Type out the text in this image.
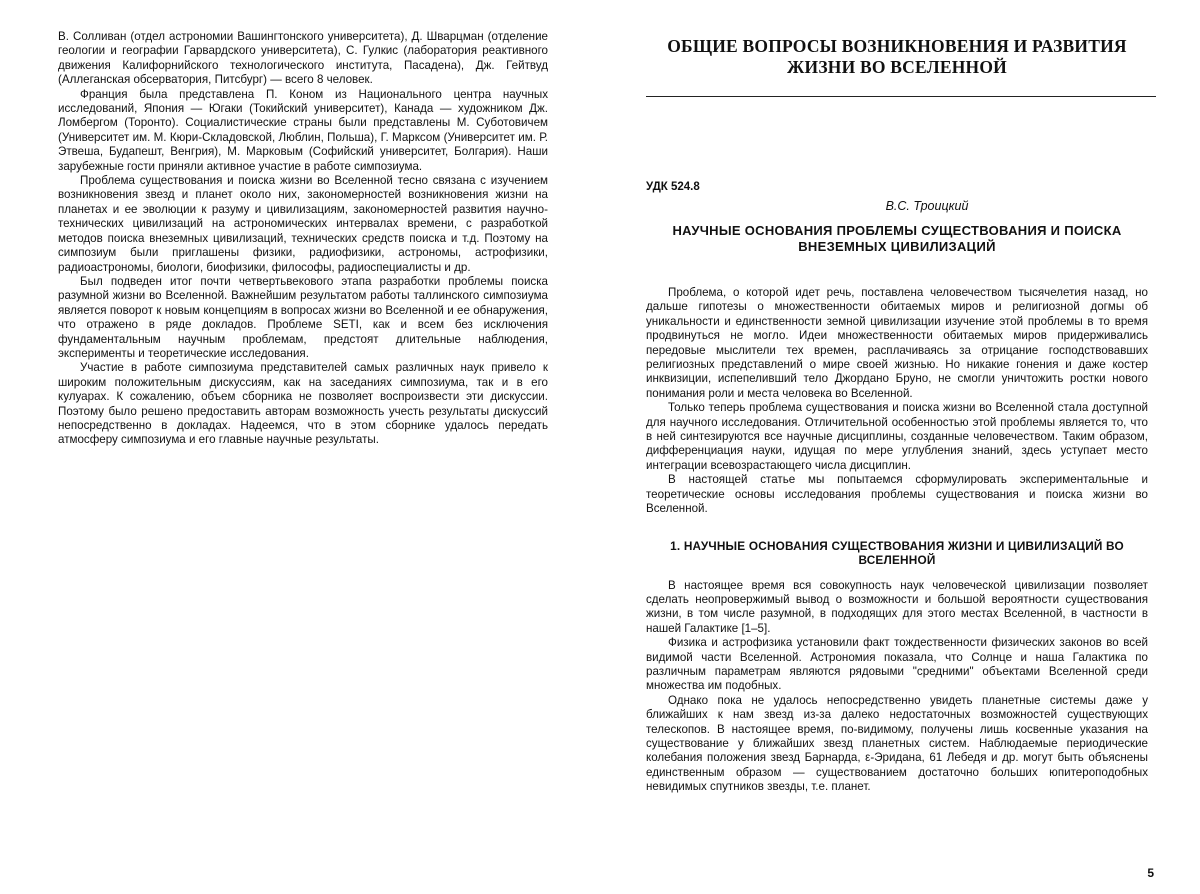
В. Солливан (отдел астрономии Вашингтонского университета), Д. Шварцман (отделение геологии и географии Гарвардского университета), С. Гулкис (лаборатория реактивного движения Калифорнийского технологического института, Пасадена), Дж. Гейтвуд (Аллеганская обсерватория, Питсбург) — всего 8 человек.

Франция была представлена П. Коном из Национального центра научных исследований, Япония — Югаки (Токийский университет), Канада — художником Дж. Ломбергом (Торонто). Социалистические страны были представлены М. Суботовичем (Университет им. М. Кюри-Складовской, Люблин, Польша), Г. Марксом (Университет им. Р. Этвеша, Будапешт, Венгрия), М. Марковым (Софийский университет, Болгария). Наши зарубежные гости приняли активное участие в работе симпозиума.

Проблема существования и поиска жизни во Вселенной тесно связана с изучением возникновения звезд и планет около них, закономерностей возникновения жизни на планетах и ее эволюции к разуму и цивилизациям, закономерностей развития научно-технических цивилизаций на астрономических интервалах времени, с разработкой методов поиска внеземных цивилизаций, технических средств поиска и т.д. Поэтому на симпозиум были приглашены физики, радиофизики, астрономы, астрофизики, радиоастрономы, биологи, биофизики, философы, радиоспециалисты и др.

Был подведен итог почти четвертьвекового этапа разработки проблемы поиска разумной жизни во Вселенной. Важнейшим результатом работы таллинского симпозиума является поворот к новым концепциям в вопросах жизни во Вселенной и ее обнаружения, что отражено в ряде докладов. Проблеме SETI, как и всем без исключения фундаментальным научным проблемам, предстоят длительные наблюдения, эксперименты и теоретические исследования.

Участие в работе симпозиума представителей самых различных наук привело к широким положительным дискуссиям, как на заседаниях симпозиума, так и в его кулуарах. К сожалению, объем сборника не позволяет воспроизвести эти дискуссии. Поэтому было решено предоставить авторам возможность учесть результаты дискуссий непосредственно в докладах. Надеемся, что в этом сборнике удалось передать атмосферу симпозиума и его главные научные результаты.

ОБЩИЕ ВОПРОСЫ ВОЗНИКНОВЕНИЯ И РАЗВИТИЯ ЖИЗНИ ВО ВСЕЛЕННОЙ
УДК 524.8
В.С. Троицкий
НАУЧНЫЕ ОСНОВАНИЯ ПРОБЛЕМЫ СУЩЕСТВОВАНИЯ И ПОИСКА ВНЕЗЕМНЫХ ЦИВИЛИЗАЦИЙ

Проблема, о которой идет речь, поставлена человечеством тысячелетия назад, но дальше гипотезы о множественности обитаемых миров и религиозной догмы об уникальности и единственности земной цивилизации изучение этой проблемы в то время продвинуться не могло. Идеи множественности обитаемых миров придерживались передовые мыслители тех времен, расплачиваясь за отрицание господствовавших религиозных представлений о мире своей жизнью. Но никакие гонения и даже костер инквизиции, испепеливший тело Джордано Бруно, не смогли уничтожить ростки нового понимания роли и места человека во Вселенной.

Только теперь проблема существования и поиска жизни во Вселенной стала доступной для научного исследования. Отличительной особенностью этой проблемы является то, что в ней синтезируются все научные дисциплины, созданные человечеством. Таким образом, дифференциация науки, идущая по мере углубления знаний, здесь уступает место интеграции всевозрастающего числа дисциплин.

В настоящей статье мы попытаемся сформулировать экспериментальные и теоретические основы исследования проблемы существования и поиска жизни во Вселенной.

1. НАУЧНЫЕ ОСНОВАНИЯ СУЩЕСТВОВАНИЯ ЖИЗНИ И ЦИВИЛИЗАЦИЙ ВО ВСЕЛЕННОЙ

В настоящее время вся совокупность наук человеческой цивилизации позволяет сделать неопровержимый вывод о возможности и большой вероятности существования жизни, в том числе разумной, в подходящих для этого местах Вселенной, в частности в нашей Галактике [1–5].

Физика и астрофизика установили факт тождественности физических законов во всей видимой части Вселенной. Астрономия показала, что Солнце и наша Галактика по различным параметрам являются рядовыми "средними" объектами Вселенной среди множества им подобных.

Однако пока не удалось непосредственно увидеть планетные системы даже у ближайших к нам звезд из-за далеко недостаточных возможностей существующих телескопов. В настоящее время, по-видимому, получены лишь косвенные указания на существование у ближайших звезд планетных систем. Наблюдаемые периодические колебания положения звезд Барнарда, ε-Эридана, 61 Лебедя и др. могут быть объяснены единственным образом — существованием достаточно больших юпитероподобных невидимых спутников звезды, т.е. планет.

5
